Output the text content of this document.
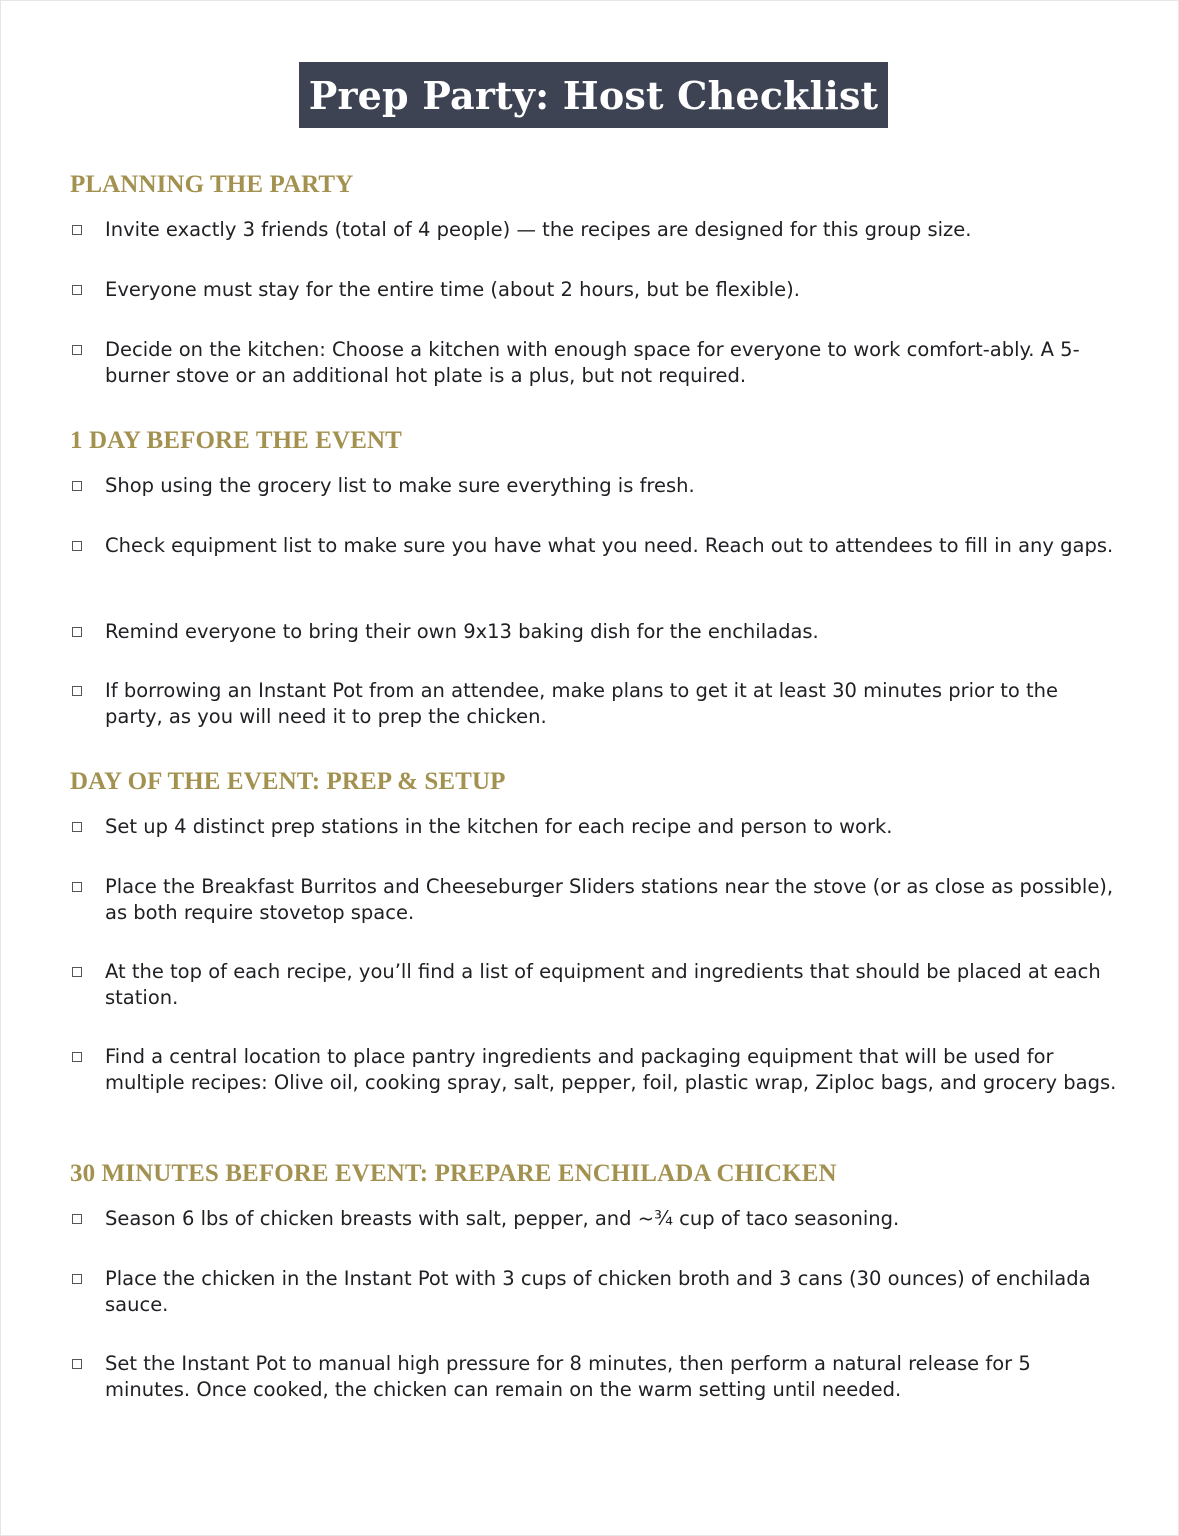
Prep Party: Host Checklist
PLANNING THE PARTY
Invite exactly 3 friends (total of 4 people) — the recipes are designed for this group size.
Everyone must stay for the entire time (about 2 hours, but be flexible).
Decide on the kitchen: Choose a kitchen with enough space for everyone to work comfort-ably. A 5-burner stove or an additional hot plate is a plus, but not required.
1 DAY BEFORE THE EVENT
Shop using the grocery list to make sure everything is fresh.
Check equipment list to make sure you have what you need. Reach out to attendees to fill in any gaps.
Remind everyone to bring their own 9x13 baking dish for the enchiladas.
If borrowing an Instant Pot from an attendee, make plans to get it at least 30 minutes prior to the party, as you will need it to prep the chicken.
DAY OF THE EVENT: PREP & SETUP
Set up 4 distinct prep stations in the kitchen for each recipe and person to work.
Place the Breakfast Burritos and Cheeseburger Sliders stations near the stove (or as close as possible), as both require stovetop space.
At the top of each recipe, you’ll find a list of equipment and ingredients that should be placed at each station.
Find a central location to place pantry ingredients and packaging equipment that will be used for multiple recipes: Olive oil, cooking spray, salt, pepper, foil, plastic wrap, Ziploc bags, and grocery bags.
30 MINUTES BEFORE EVENT: PREPARE ENCHILADA CHICKEN
Season 6 lbs of chicken breasts with salt, pepper, and ~¾ cup of taco seasoning.
Place the chicken in the Instant Pot with 3 cups of chicken broth and 3 cans (30 ounces) of enchilada sauce.
Set the Instant Pot to manual high pressure for 8 minutes, then perform a natural release for 5 minutes. Once cooked, the chicken can remain on the warm setting until needed.
